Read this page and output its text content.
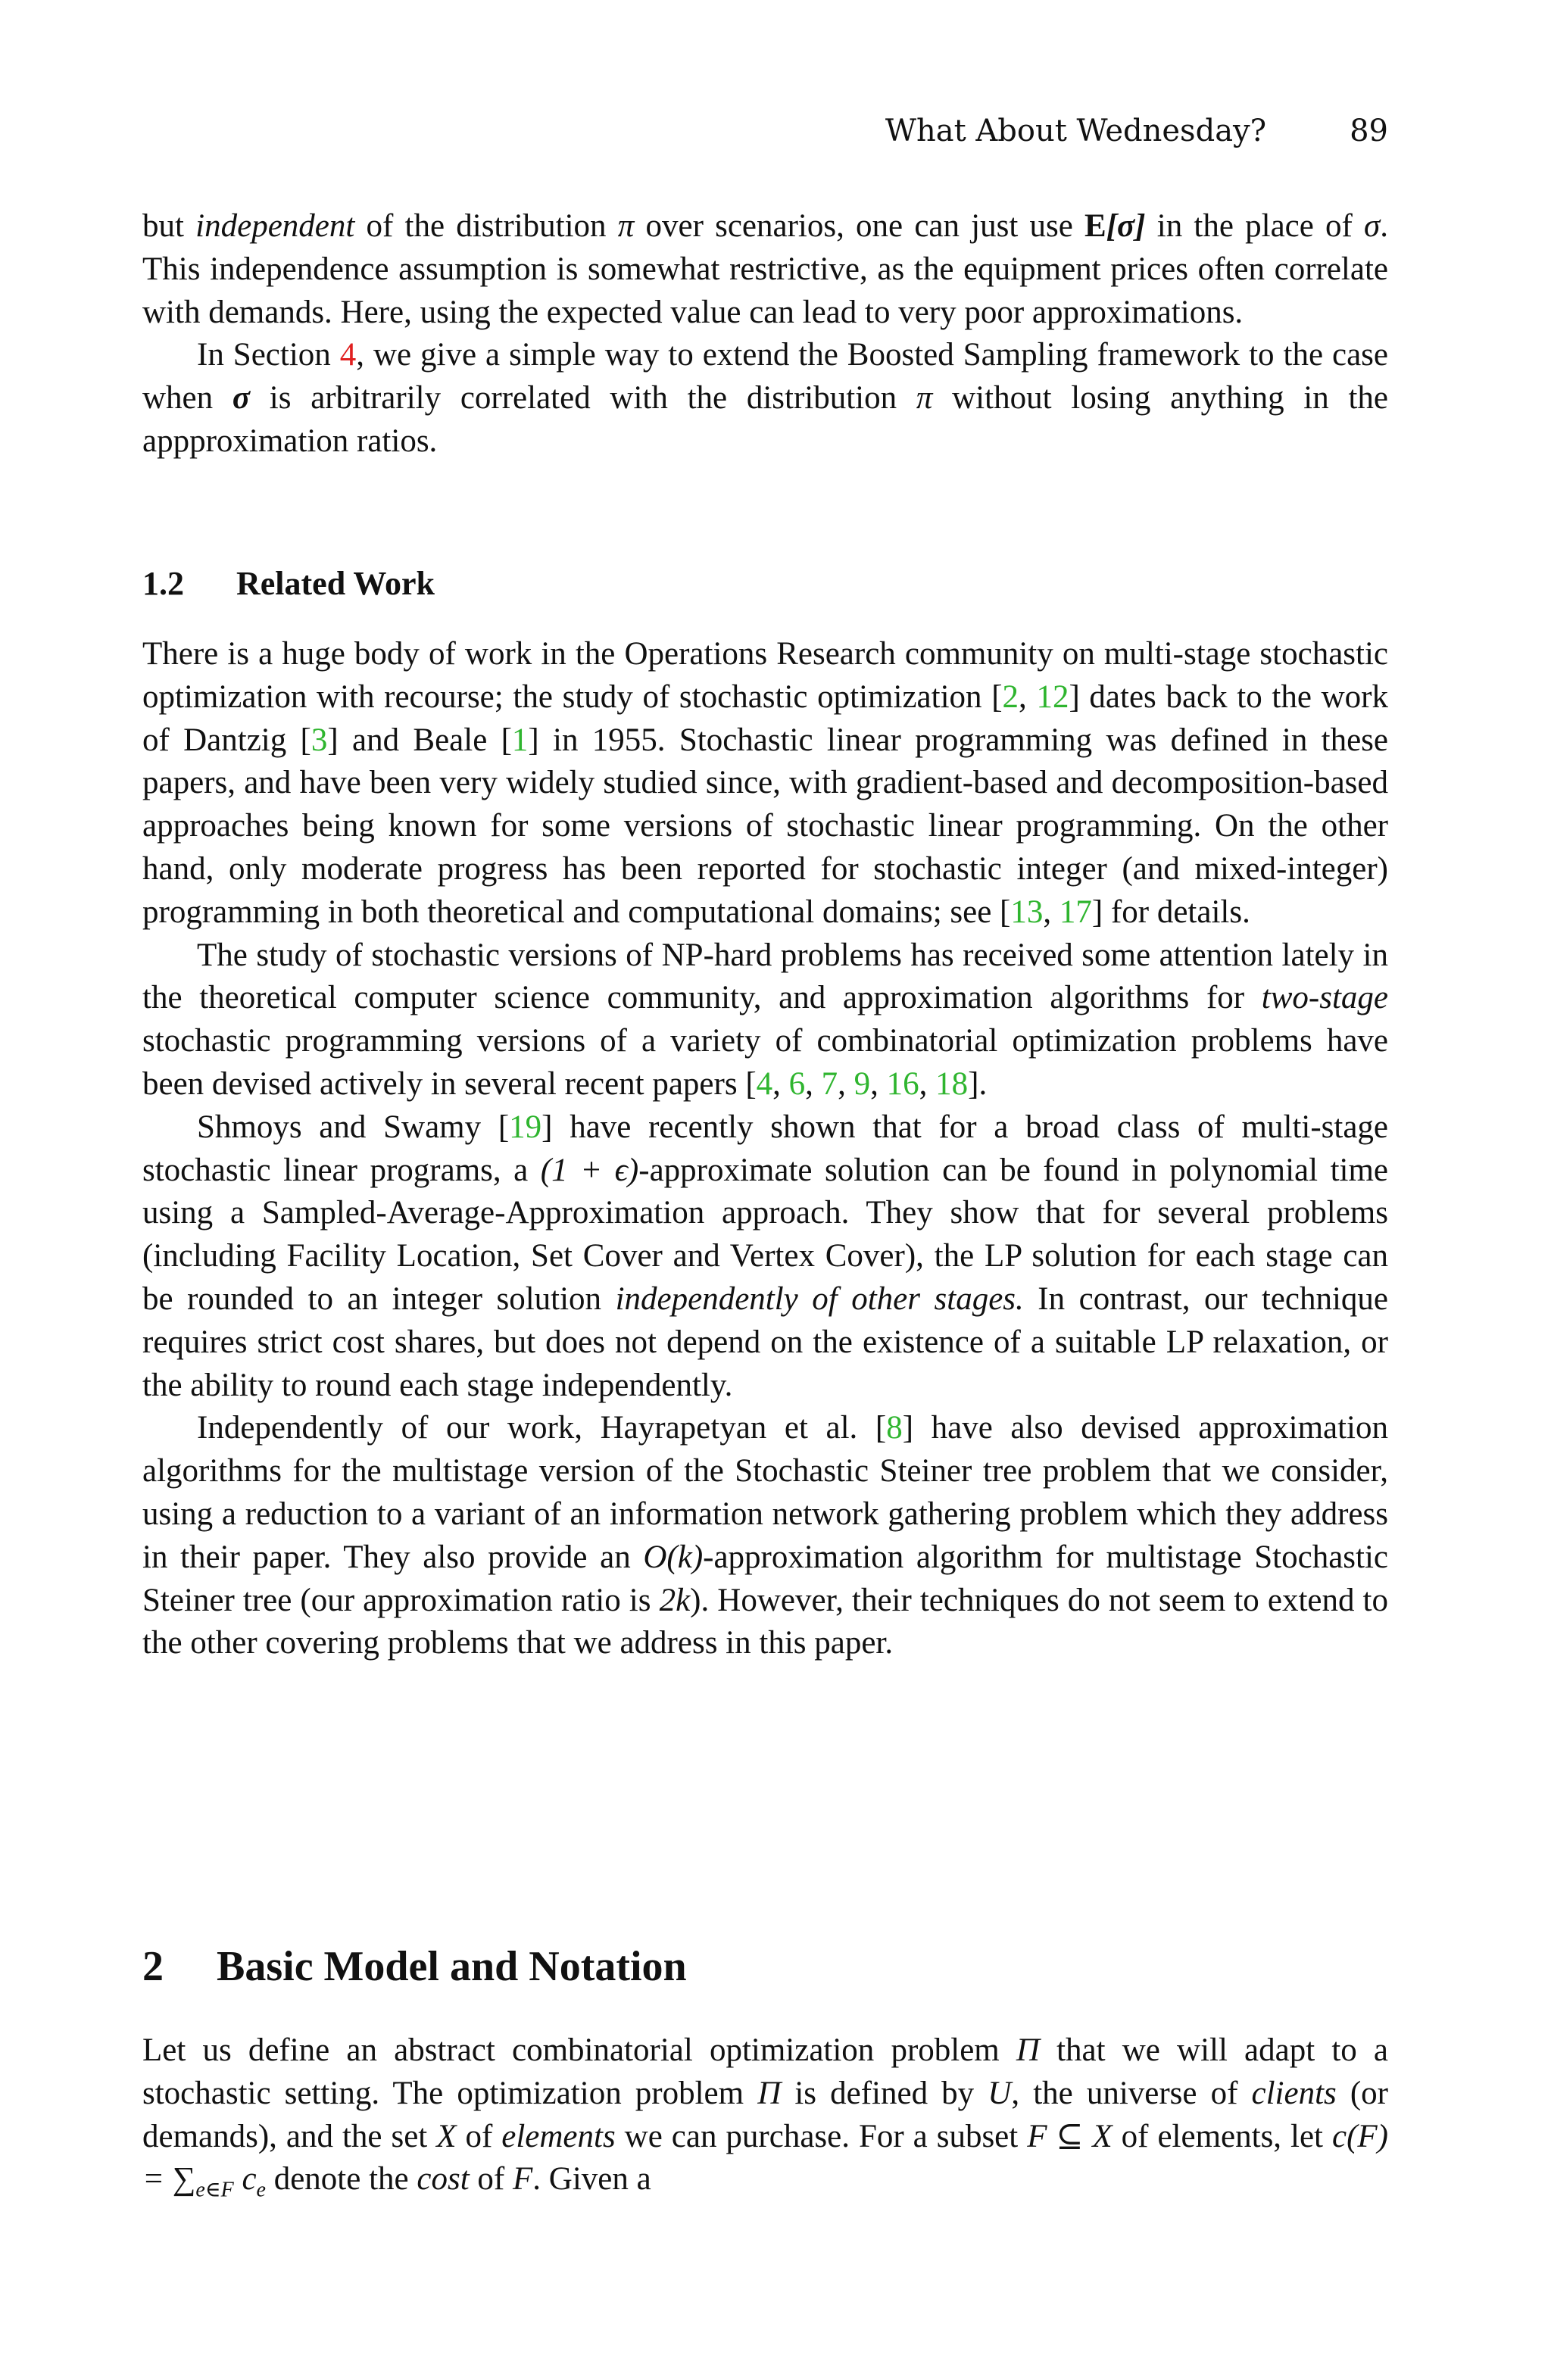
What About Wednesday?	89

but independent of the distribution π over scenarios, one can just use E[σ] in the place of σ. This independence assumption is somewhat restrictive, as the equipment prices often correlate with demands. Here, using the expected value can lead to very poor approximations.

In Section 4, we give a simple way to extend the Boosted Sampling framework to the case when σ is arbitrarily correlated with the distribution π without losing anything in the appproximation ratios.

1.2 Related Work

There is a huge body of work in the Operations Research community on multi-stage stochastic optimization with recourse; the study of stochastic optimization [2, 12] dates back to the work of Dantzig [3] and Beale [1] in 1955. Stochastic linear programming was defined in these papers, and have been very widely studied since, with gradient-based and decomposition-based approaches being known for some versions of stochastic linear programming. On the other hand, only moderate progress has been reported for stochastic integer (and mixed-integer) programming in both theoretical and computational domains; see [13, 17] for details.

The study of stochastic versions of NP-hard problems has received some attention lately in the theoretical computer science community, and approximation algorithms for two-stage stochastic programming versions of a variety of combinatorial optimization problems have been devised actively in several recent papers [4, 6, 7, 9, 16, 18].

Shmoys and Swamy [19] have recently shown that for a broad class of multi-stage stochastic linear programs, a (1 + ϵ)-approximate solution can be found in polynomial time using a Sampled-Average-Approximation approach. They show that for several problems (including Facility Location, Set Cover and Vertex Cover), the LP solution for each stage can be rounded to an integer solution independently of other stages. In contrast, our technique requires strict cost shares, but does not depend on the existence of a suitable LP relaxation, or the ability to round each stage independently.

Independently of our work, Hayrapetyan et al. [8] have also devised approximation algorithms for the multistage version of the Stochastic Steiner tree problem that we consider, using a reduction to a variant of an information network gathering problem which they address in their paper. They also provide an O(k)-approximation algorithm for multistage Stochastic Steiner tree (our approximation ratio is 2k). However, their techniques do not seem to extend to the other covering problems that we address in this paper.

2 Basic Model and Notation

Let us define an abstract combinatorial optimization problem Π that we will adapt to a stochastic setting. The optimization problem Π is defined by U, the universe of clients (or demands), and the set X of elements we can purchase. For a subset F ⊆ X of elements, let $c(F) = \sum_{e\in F}$ $c_e$ denote the cost of F. Given a
